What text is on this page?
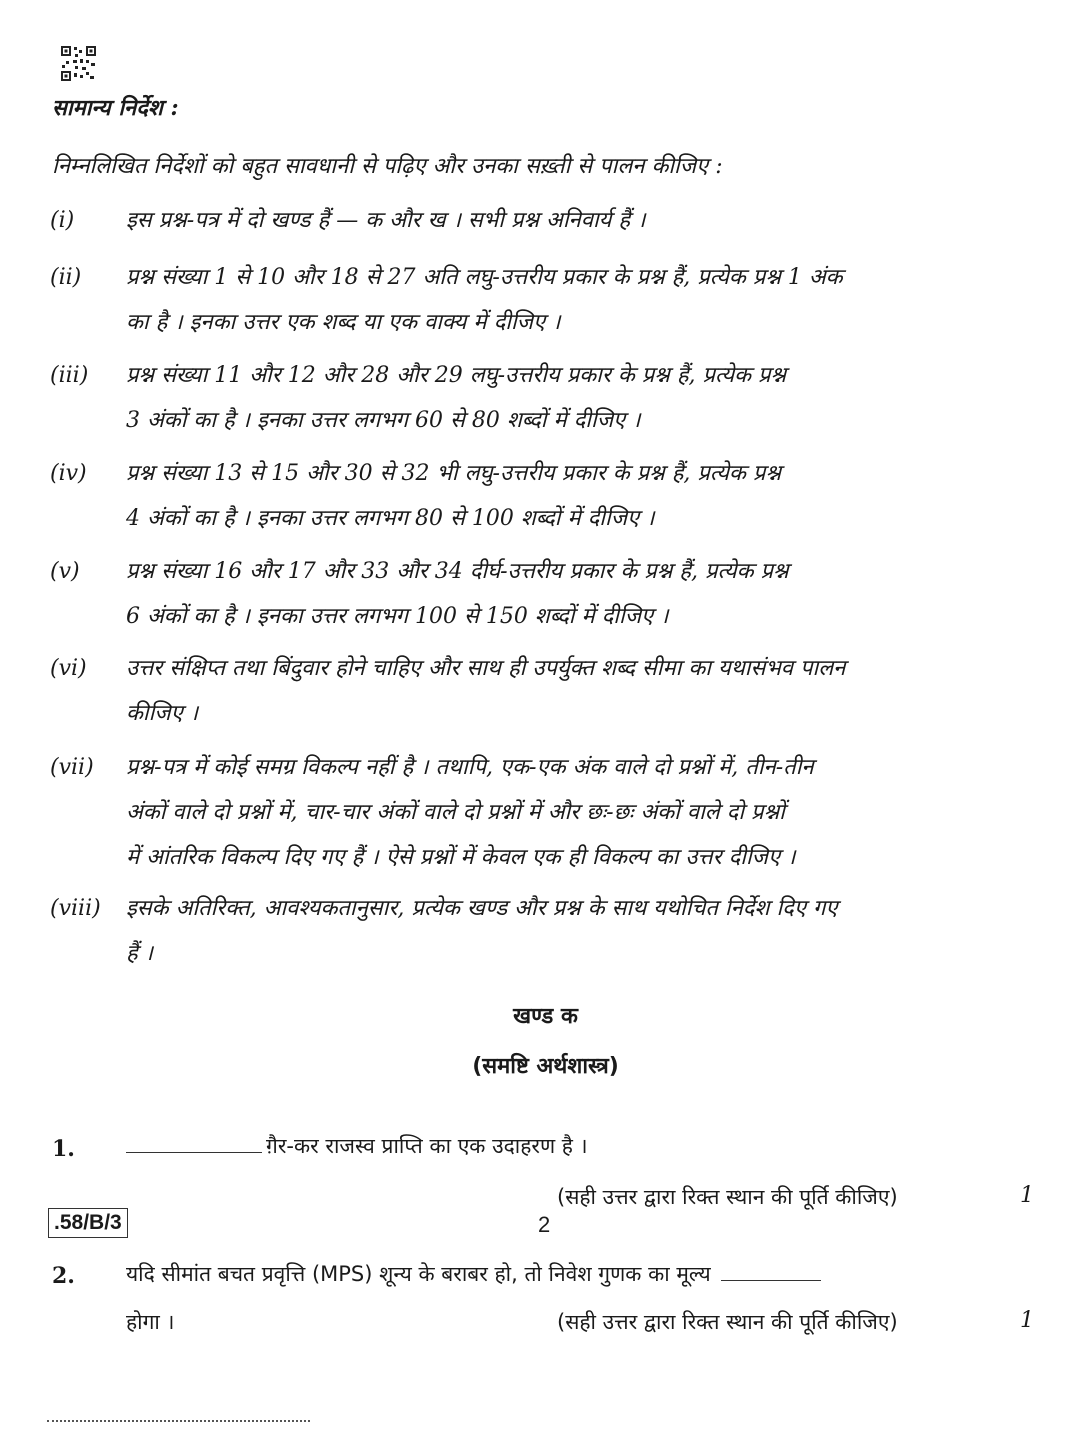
सामान्य निर्देश :
निम्नलिखित निर्देशों को बहुत सावधानी से पढ़िए और उनका सख़्ती से पालन कीजिए :
(i) इस प्रश्न-पत्र में दो खण्ड हैं — क और ख । सभी प्रश्न अनिवार्य हैं ।
(ii) प्रश्न संख्या 1 से 10 और 18 से 27 अति लघु-उत्तरीय प्रकार के प्रश्न हैं, प्रत्येक प्रश्न 1 अंक
का है । इनका उत्तर एक शब्द या एक वाक्य में दीजिए ।
(iii) प्रश्न संख्या 11 और 12 और 28 और 29 लघु-उत्तरीय प्रकार के प्रश्न हैं, प्रत्येक प्रश्न
3 अंकों का है । इनका उत्तर लगभग 60 से 80 शब्दों में दीजिए ।
(iv) प्रश्न संख्या 13 से 15 और 30 से 32 भी लघु-उत्तरीय प्रकार के प्रश्न हैं, प्रत्येक प्रश्न
4 अंकों का है । इनका उत्तर लगभग 80 से 100 शब्दों में दीजिए ।
(v) प्रश्न संख्या 16 और 17 और 33 और 34 दीर्घ-उत्तरीय प्रकार के प्रश्न हैं, प्रत्येक प्रश्न
6 अंकों का है । इनका उत्तर लगभग 100 से 150 शब्दों में दीजिए ।
(vi) उत्तर संक्षिप्त तथा बिंदुवार होने चाहिए और साथ ही उपर्युक्त शब्द सीमा का यथासंभव पालन
कीजिए ।
(vii) प्रश्न-पत्र में कोई समग्र विकल्प नहीं है । तथापि, एक-एक अंक वाले दो प्रश्नों में, तीन-तीन
अंकों वाले दो प्रश्नों में, चार-चार अंकों वाले दो प्रश्नों में और छः-छः अंकों वाले दो प्रश्नों
में आंतरिक विकल्प दिए गए हैं । ऐसे प्रश्नों में केवल एक ही विकल्प का उत्तर दीजिए ।
(viii) इसके अतिरिक्त, आवश्यकतानुसार, प्रत्येक खण्ड और प्रश्न के साथ यथोचित निर्देश दिए गए
हैं ।
खण्ड क
(समष्टि अर्थशास्त्र)
1.	ग़ैर-कर राजस्व प्राप्ति का एक उदाहरण है ।
(सही उत्तर द्वारा रिक्त स्थान की पूर्ति कीजिए)	1
2. यदि सीमांत बचत प्रवृत्ति (MPS) शून्य के बराबर हो, तो निवेश गुणक का मूल्य
होगा ।	(सही उत्तर द्वारा रिक्त स्थान की पूर्ति कीजिए)	1
.58/B/3	2
